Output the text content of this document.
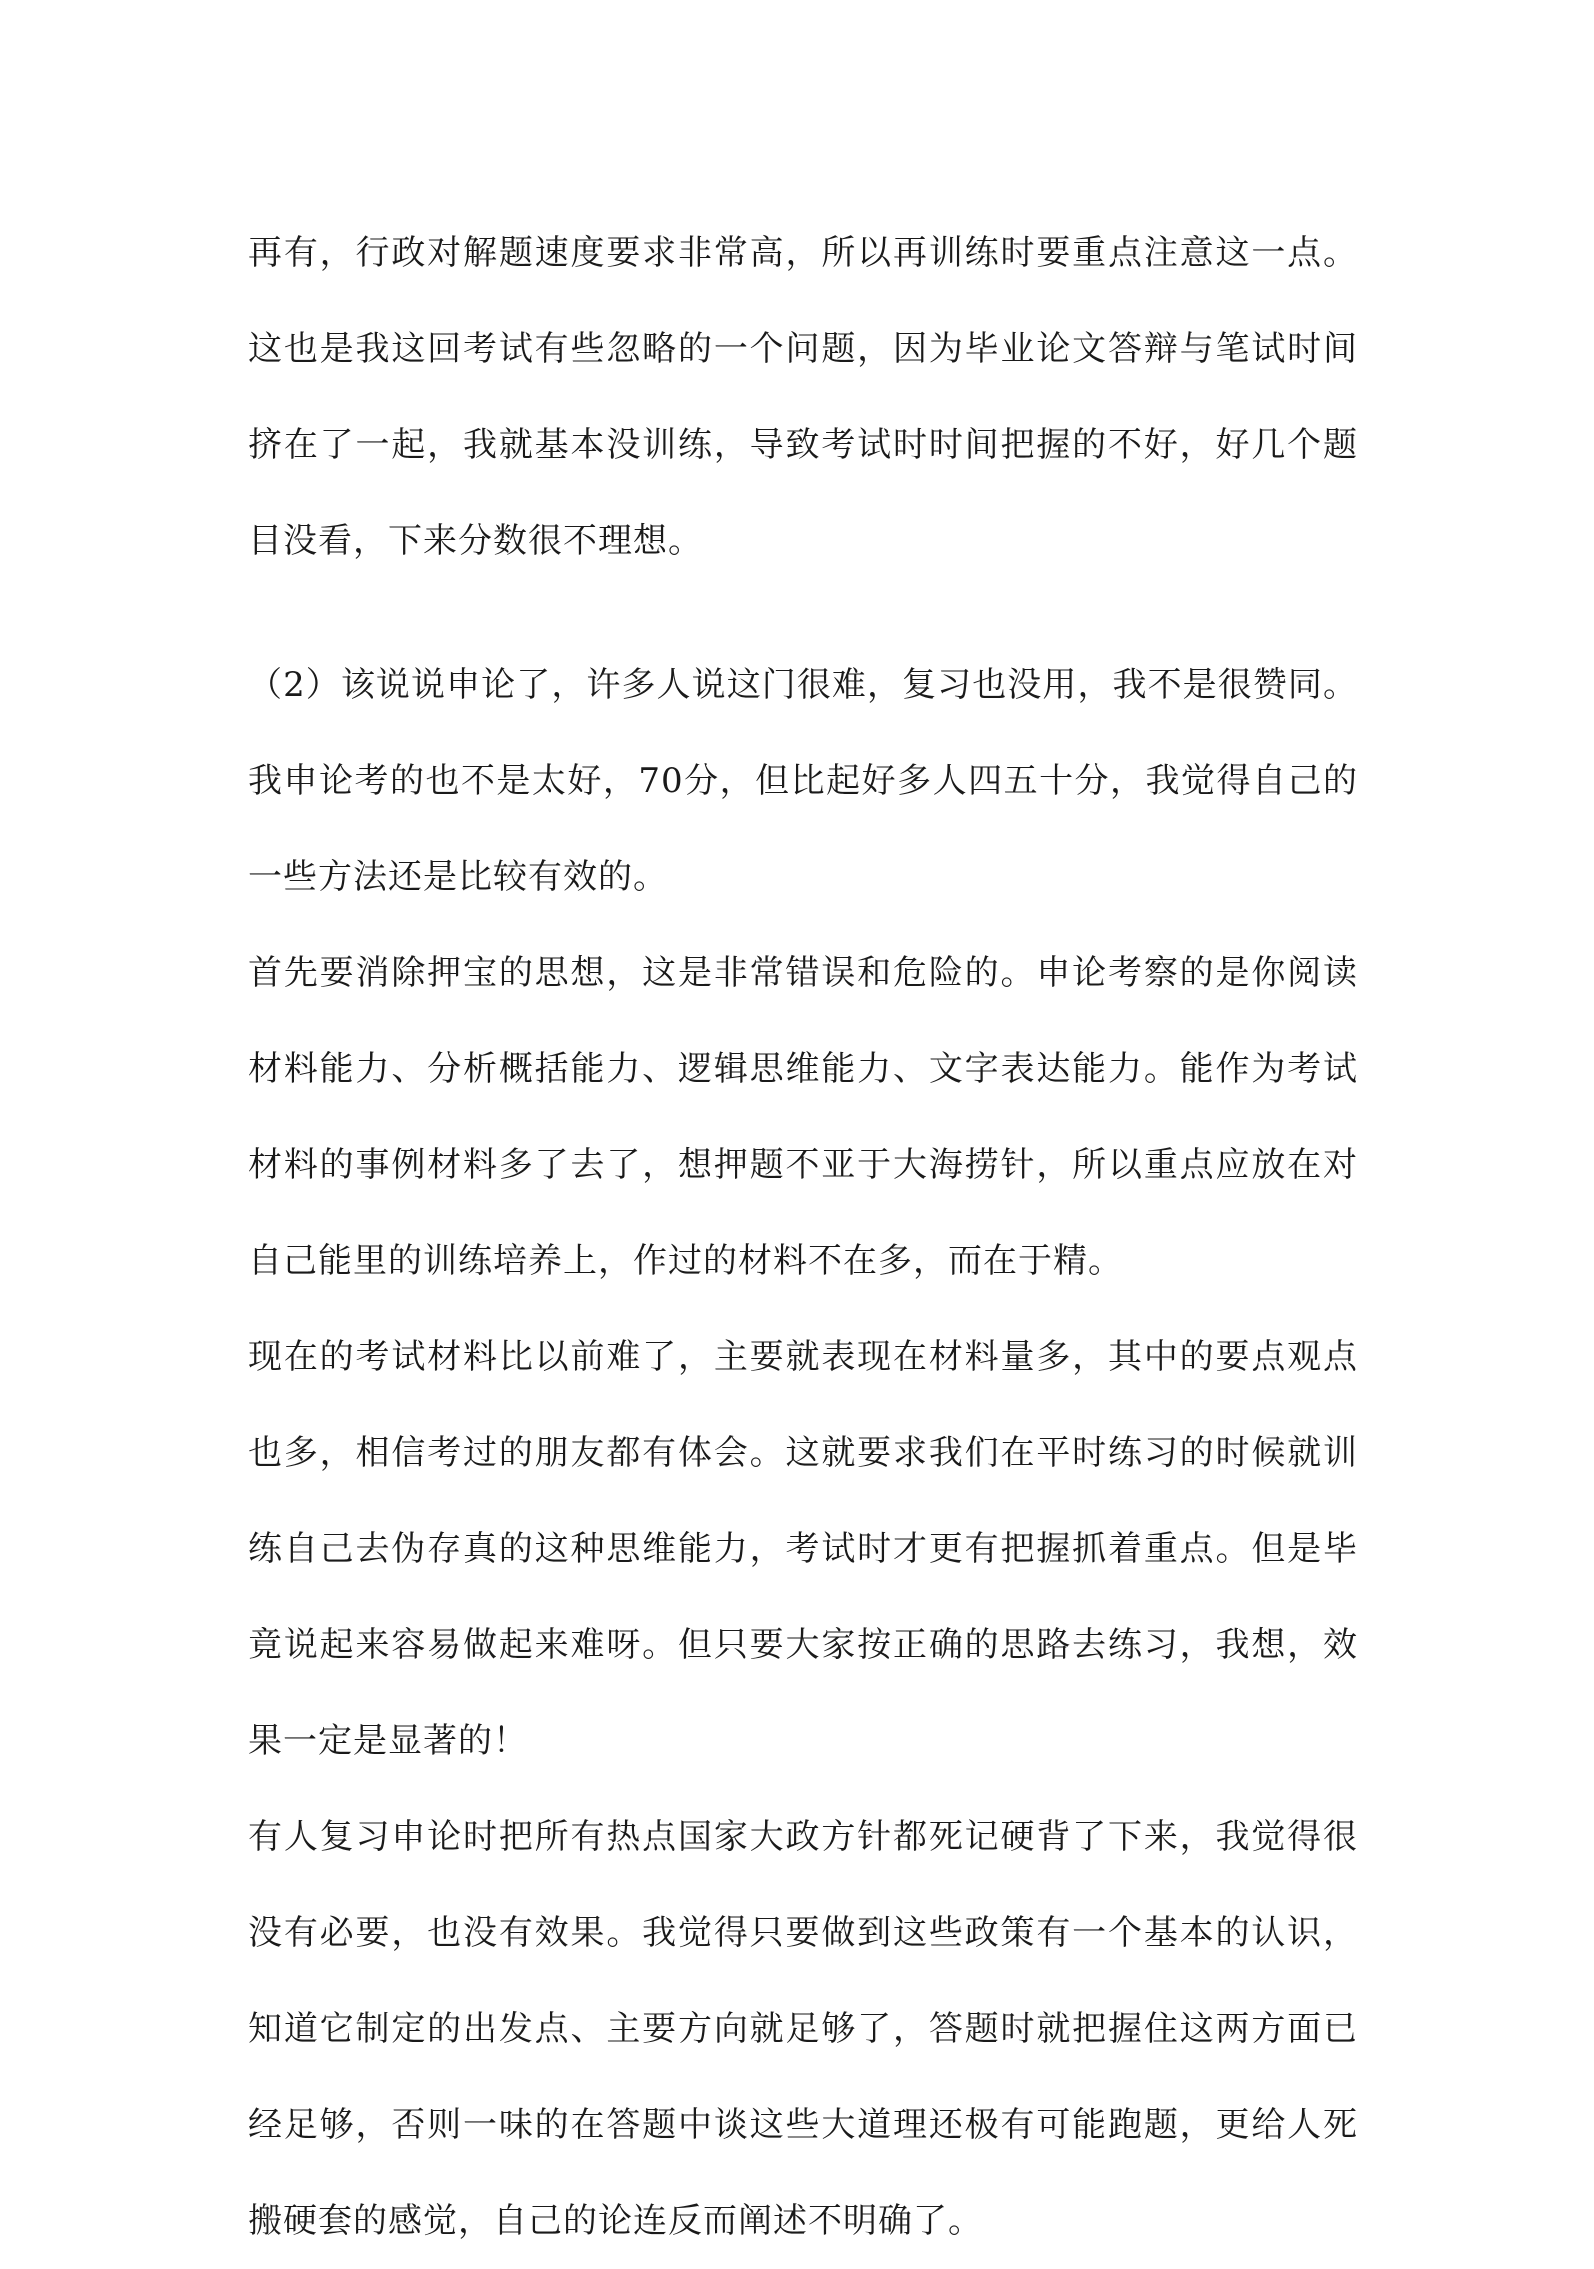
再有，行政对解题速度要求非常高，所以再训练时要重点注意这一点。这也是我这回考试有些忽略的一个问题，因为毕业论文答辩与笔试时间挤在了一起，我就基本没训练，导致考试时时间把握的不好，好几个题目没看，下来分数很不理想。

（2）该说说申论了，许多人说这门很难，复习也没用，我不是很赞同。我申论考的也不是太好，70分，但比起好多人四五十分，我觉得自己的一些方法还是比较有效的。

首先要消除押宝的思想，这是非常错误和危险的。申论考察的是你阅读材料能力、分析概括能力、逻辑思维能力、文字表达能力。能作为考试材料的事例材料多了去了，想押题不亚于大海捞针，所以重点应放在对自己能里的训练培养上，作过的材料不在多，而在于精。

现在的考试材料比以前难了，主要就表现在材料量多，其中的要点观点也多，相信考过的朋友都有体会。这就要求我们在平时练习的时候就训练自己去伪存真的这种思维能力，考试时才更有把握抓着重点。但是毕竟说起来容易做起来难呀。但只要大家按正确的思路去练习，我想，效果一定是显著的！

有人复习申论时把所有热点国家大政方针都死记硬背了下来，我觉得很没有必要，也没有效果。我觉得只要做到这些政策有一个基本的认识，知道它制定的出发点、主要方向就足够了，答题时就把握住这两方面已经足够，否则一味的在答题中谈这些大道理还极有可能跑题，更给人死搬硬套的感觉，自己的论连反而阐述不明确了。
